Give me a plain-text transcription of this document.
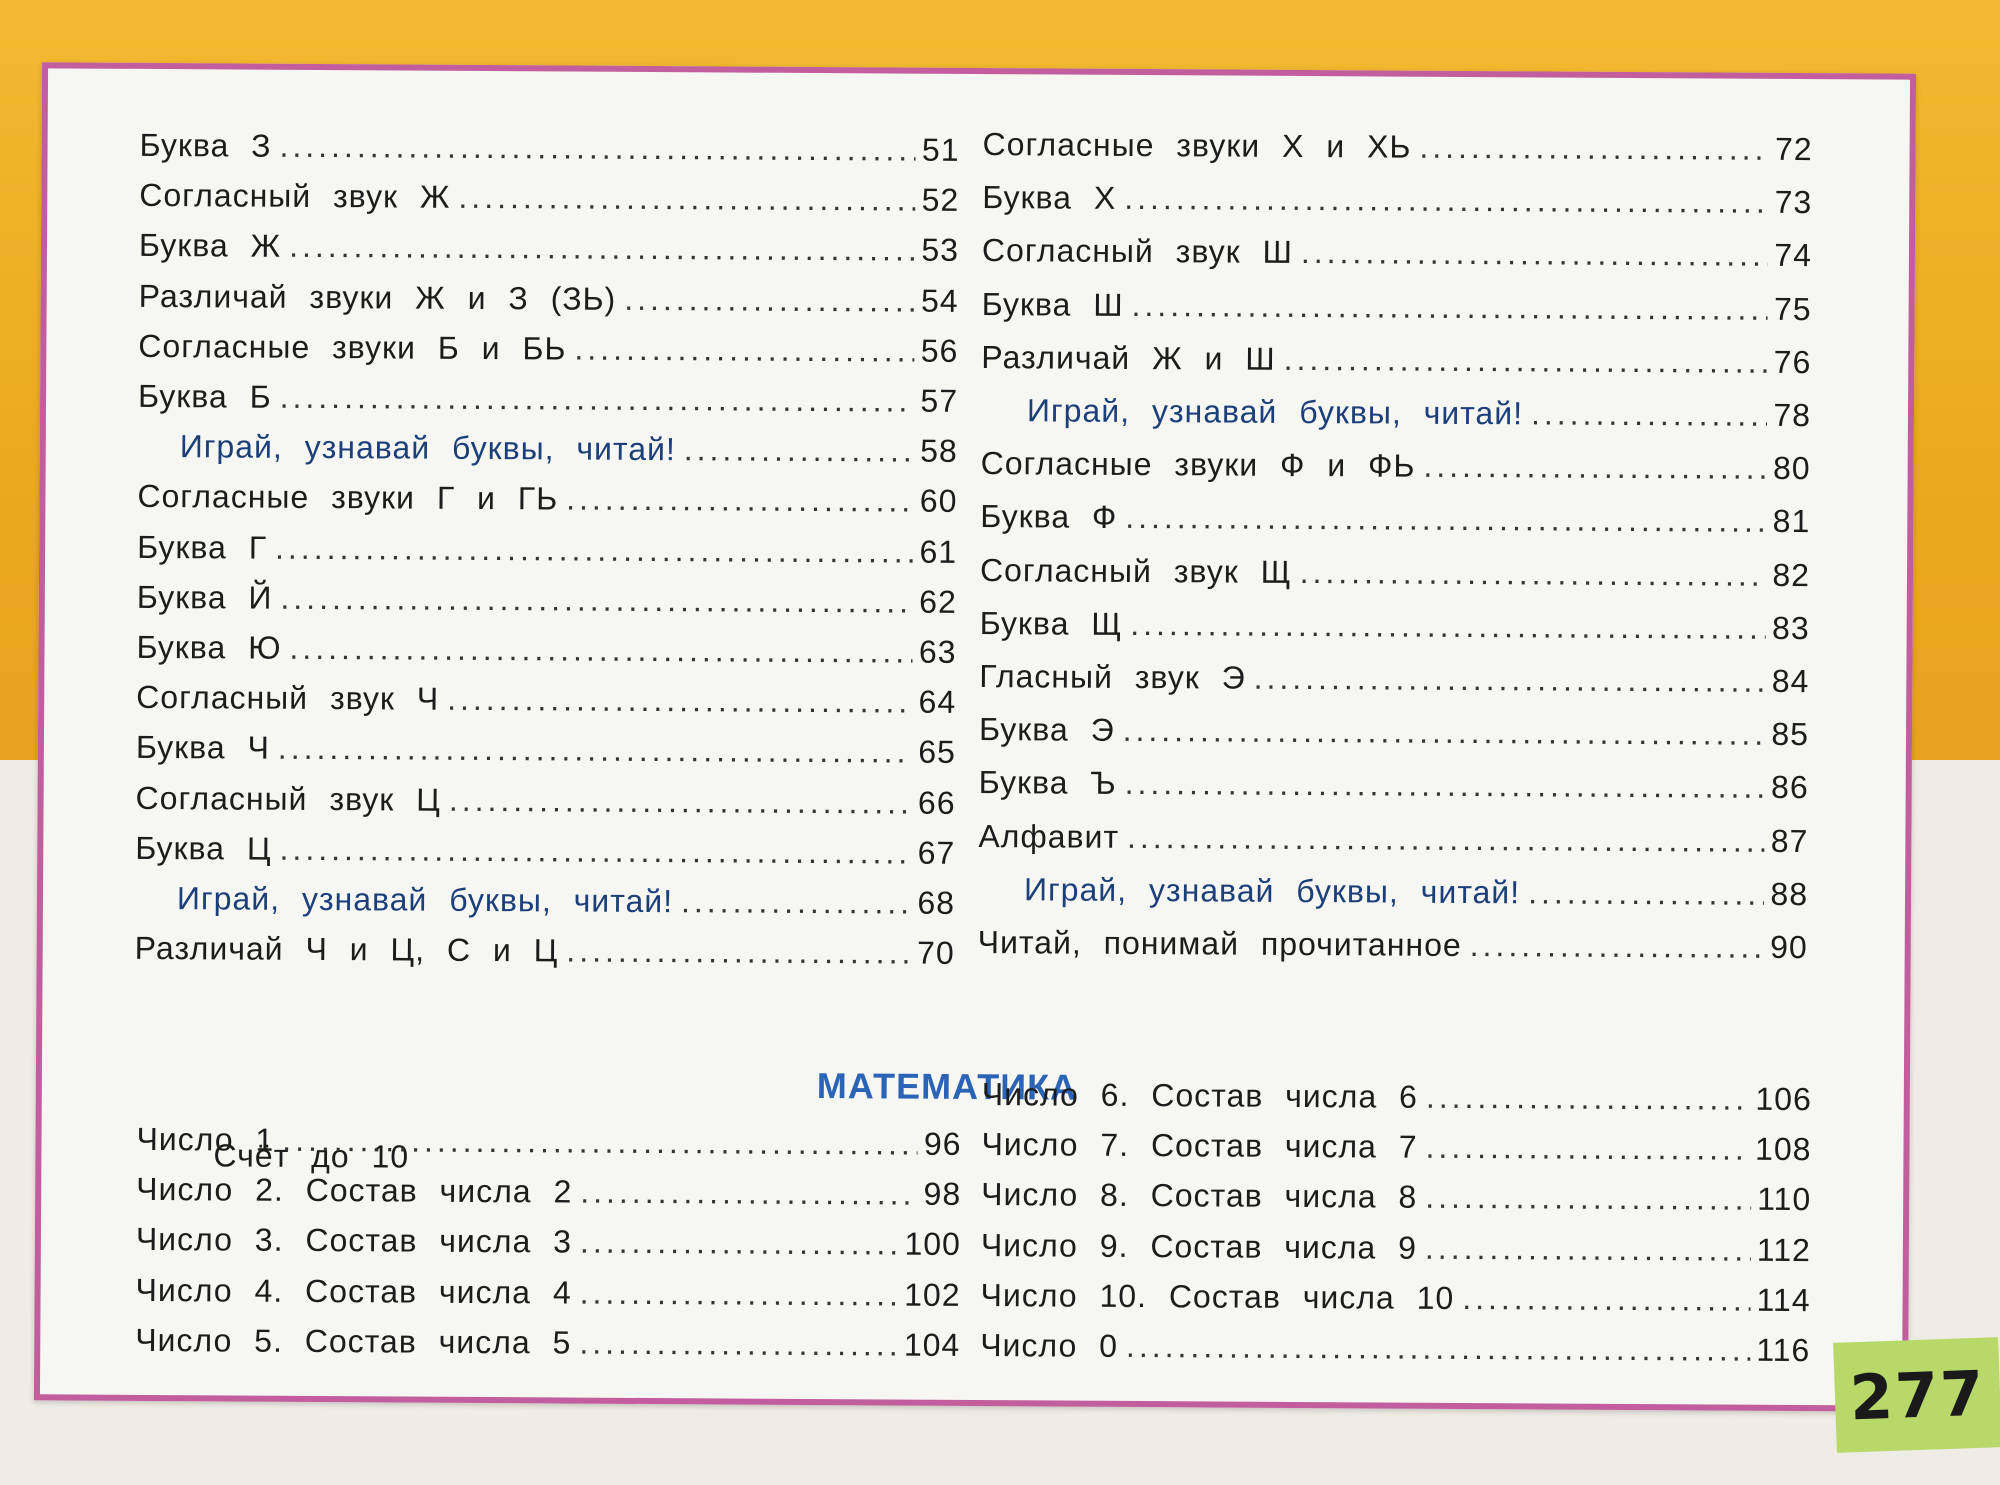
Буква З .....	51
Согласный звук Ж .....	52
Буква Ж .....	53
Различай звуки Ж и З (ЗЬ) .....	54
Согласные звуки Б и БЬ .....	56
Буква Б .....	57
Играй, узнавай буквы, читай! .....	58
Согласные звуки Г и ГЬ .....	60
Буква Г .....	61
Буква Й .....	62
Буква Ю .....	63
Согласный звук Ч .....	64
Буква Ч .....	65
Согласный звук Ц .....	66
Буква Ц .....	67
Играй, узнавай буквы, читай! .....	68
Различай Ч и Ц, С и Ц .....	70
Согласные звуки Х и ХЬ .....	72
Буква Х .....	73
Согласный звук Ш .....	74
Буква Ш .....	75
Различай Ж и Ш .....	76
Играй, узнавай буквы, читай! .....	78
Согласные звуки Ф и ФЬ .....	80
Буква Ф .....	81
Согласный звук Щ .....	82
Буква Щ .....	83
Гласный звук Э .....	84
Буква Э .....	85
Буква Ъ .....	86
Алфавит .....	87
Играй, узнавай буквы, читай! .....	88
Читай, понимай прочитанное .....	90
МАТЕМАТИКА
Счёт до 10
Число 1 .....	96
Число 2. Состав числа 2 .....	98
Число 3. Состав числа 3 .....	100
Число 4. Состав числа 4 .....	102
Число 5. Состав числа 5 .....	104
Число 6. Состав числа 6 .....	106
Число 7. Состав числа 7 .....	108
Число 8. Состав числа 8 .....	110
Число 9. Состав числа 9 .....	112
Число 10. Состав числа 10 .....	114
Число 0 .....	116
277
